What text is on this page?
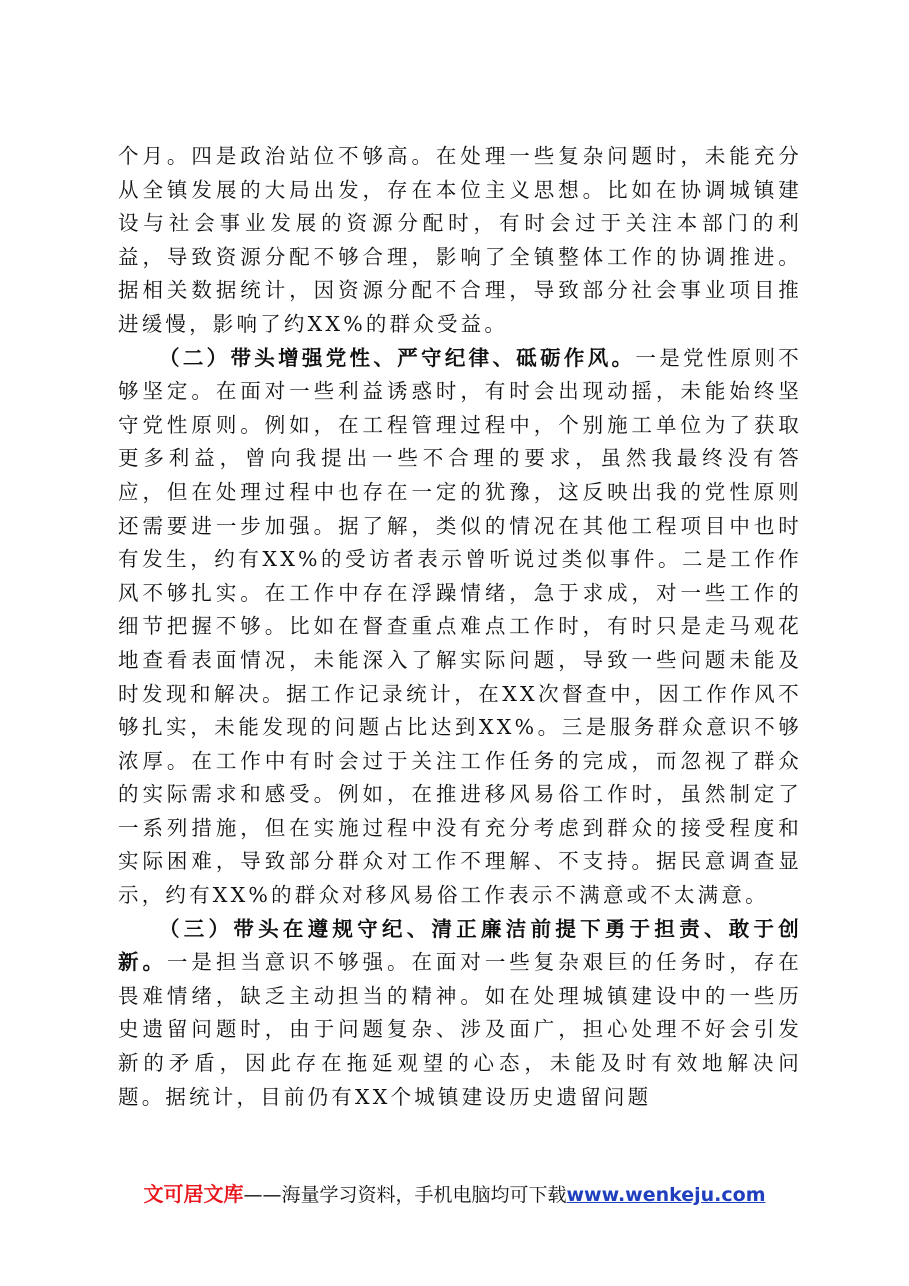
个月。四是政治站位不够高。在处理一些复杂问题时，未能充分从全镇发展的大局出发，存在本位主义思想。比如在协调城镇建设与社会事业发展的资源分配时，有时会过于关注本部门的利益，导致资源分配不够合理，影响了全镇整体工作的协调推进。据相关数据统计，因资源分配不合理，导致部分社会事业项目推进缓慢，影响了约XX%的群众受益。

（二）带头增强党性、严守纪律、砥砺作风。一是党性原则不够坚定。在面对一些利益诱惑时，有时会出现动摇，未能始终坚守党性原则。例如，在工程管理过程中，个别施工单位为了获取更多利益，曾向我提出一些不合理的要求，虽然我最终没有答应，但在处理过程中也存在一定的犹豫，这反映出我的党性原则还需要进一步加强。据了解，类似的情况在其他工程项目中也时有发生，约有XX%的受访者表示曾听说过类似事件。二是工作作风不够扎实。在工作中存在浮躁情绪，急于求成，对一些工作的细节把握不够。比如在督查重点难点工作时，有时只是走马观花地查看表面情况，未能深入了解实际问题，导致一些问题未能及时发现和解决。据工作记录统计，在XX次督查中，因工作作风不够扎实，未能发现的问题占比达到XX%。三是服务群众意识不够浓厚。在工作中有时会过于关注工作任务的完成，而忽视了群众的实际需求和感受。例如，在推进移风易俗工作时，虽然制定了一系列措施，但在实施过程中没有充分考虑到群众的接受程度和实际困难，导致部分群众对工作不理解、不支持。据民意调查显示，约有XX%的群众对移风易俗工作表示不满意或不太满意。

（三）带头在遵规守纪、清正廉洁前提下勇于担责、敢于创新。一是担当意识不够强。在面对一些复杂艰巨的任务时，存在畏难情绪，缺乏主动担当的精神。如在处理城镇建设中的一些历史遗留问题时，由于问题复杂、涉及面广，担心处理不好会引发新的矛盾，因此存在拖延观望的心态，未能及时有效地解决问题。据统计，目前仍有XX个城镇建设历史遗留问题

文可居文库——海量学习资料，手机电脑均可下载www.wenkeju.com
